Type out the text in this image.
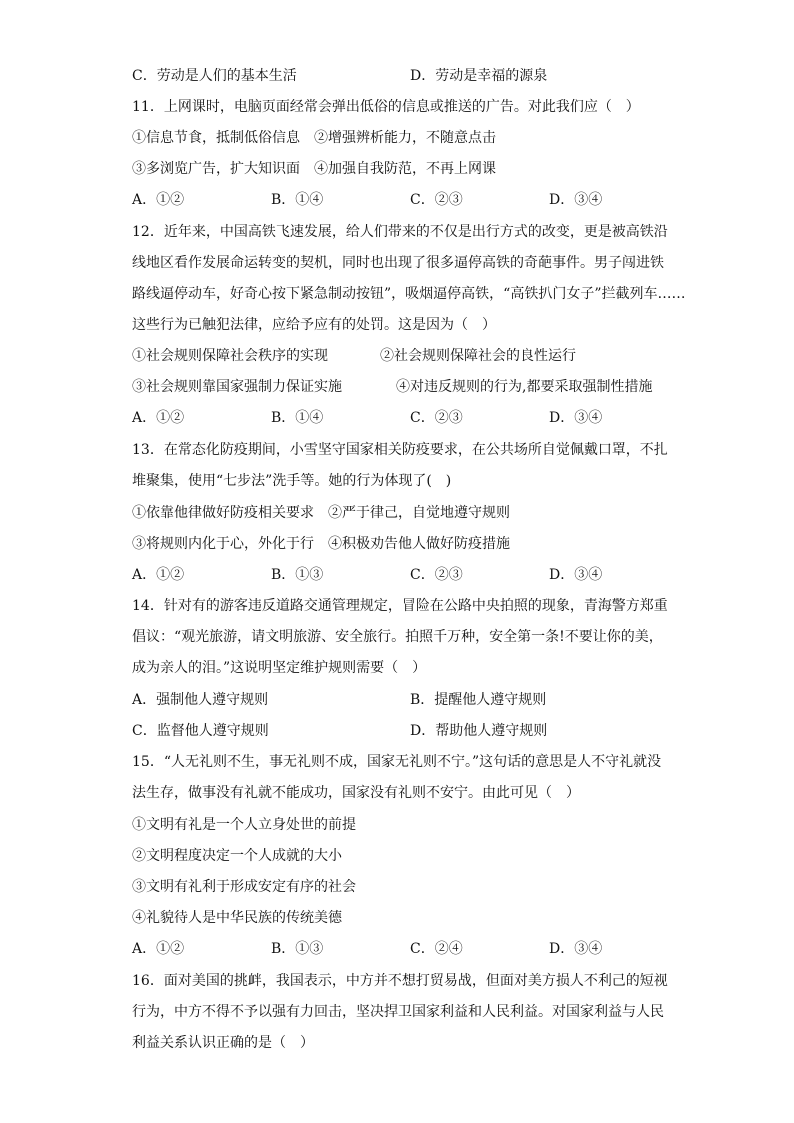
C．劳动是人们的基本生活	D．劳动是幸福的源泉
11．上网课时，电脑页面经常会弹出低俗的信息或推送的广告。对此我们应（　）
①信息节食，抵制低俗信息　②增强辨析能力，不随意点击
③多浏览广告，扩大知识面　④加强自我防范，不再上网课
A．①②	B．①④	C．②③	D．③④
12．近年来，中国高铁飞速发展，给人们带来的不仅是出行方式的改变，更是被高铁沿
线地区看作发展命运转变的契机，同时也出现了很多逼停高铁的奇葩事件。男子闯进铁
路线逼停动车，好奇心按下紧急制动按钮”，吸烟逼停高铁，“高铁扒门女子”拦截列车……
这些行为已触犯法律，应给予应有的处罚。这是因为（　）
①社会规则保障社会秩序的实现	②社会规则保障社会的良性运行
③社会规则靠国家强制力保证实施	④对违反规则的行为,都要采取强制性措施
A．①②	B．①④	C．②③	D．③④
13．在常态化防疫期间，小雪坚守国家相关防疫要求，在公共场所自觉佩戴口罩，不扎
堆聚集，使用“七步法”洗手等。她的行为体现了(　)
①依靠他律做好防疫相关要求　②严于律己，自觉地遵守规则
③将规则内化于心，外化于行　④积极劝告他人做好防疫措施
A．①②	B．①③	C．②③	D．③④
14．针对有的游客违反道路交通管理规定，冒险在公路中央拍照的现象，青海警方郑重
倡议：“观光旅游，请文明旅游、安全旅行。拍照千万种，安全第一条!不要让你的美，
成为亲人的泪。”这说明坚定维护规则需要（　）
A．强制他人遵守规则	B．提醒他人遵守规则
C．监督他人遵守规则	D．帮助他人遵守规则
15．“人无礼则不生，事无礼则不成，国家无礼则不宁。”这句话的意思是人不守礼就没
法生存，做事没有礼就不能成功，国家没有礼则不安宁。由此可见（　）
①文明有礼是一个人立身处世的前提
②文明程度决定一个人成就的大小
③文明有礼利于形成安定有序的社会
④礼貌待人是中华民族的传统美德
A．①②	B．①③	C．②④	D．③④
16．面对美国的挑衅，我国表示，中方并不想打贸易战，但面对美方损人不利己的短视
行为，中方不得不予以强有力回击，坚决捍卫国家利益和人民利益。对国家利益与人民
利益关系认识正确的是（　）
